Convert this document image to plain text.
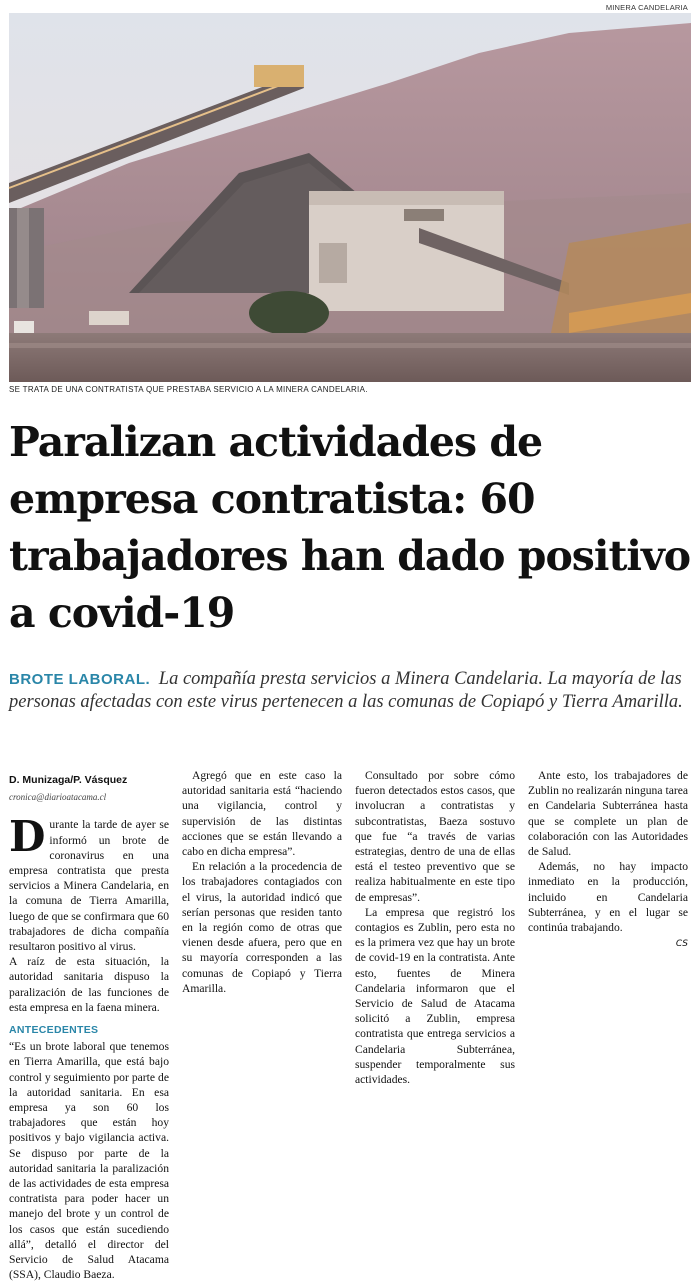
MINERA CANDELARIA
SE TRATA DE UNA CONTRATISTA QUE PRESTABA SERVICIO A LA MINERA CANDELARIA.
Paralizan actividades de empresa contratista: 60 trabajadores han dado positivo a covid-19
BROTE LABORAL. La compañía presta servicios a Minera Candelaria. La mayoría de las personas afectadas con este virus pertenecen a las comunas de Copiapó y Tierra Amarilla.
D. Munizaga/P. Vásquez
cronica@diarioatacama.cl

Durante la tarde de ayer se informó un brote de coronavirus en una empresa contratista que presta servicios a Minera Candelaria, en la comuna de Tierra Amarilla, luego de que se confirmara que 60 trabajadores de dicha compañía resultaron positivo al virus.

A raíz de esta situación, la autoridad sanitaria dispuso la paralización de las funciones de esta empresa en la faena minera.

ANTECEDENTES

“Es un brote laboral que tenemos en Tierra Amarilla, que está bajo control y seguimiento por parte de la autoridad sanitaria. En esa empresa ya son 60 los trabajadores que están hoy positivos y bajo vigilancia activa. Se dispuso por parte de la autoridad sanitaria la paralización de las actividades de esta empresa contratista para poder hacer un manejo del brote y un control de los casos que están sucediendo allá”, detalló el director del Servicio de Salud Atacama (SSA), Claudio Baeza.

Agregó que en este caso la autoridad sanitaria está “haciendo una vigilancia, control y supervisión de las distintas acciones que se están llevando a cabo en dicha empresa”.

En relación a la procedencia de los trabajadores contagiados con el virus, la autoridad indicó que serían personas que residen tanto en la región como de otras que vienen desde afuera, pero que en su mayoría corresponden a las comunas de Copiapó y Tierra Amarilla.

Consultado por sobre cómo fueron detectados estos casos, que involucran a contratistas y subcontratistas, Baeza sostuvo que fue “a través de varias estrategias, dentro de una de ellas está el testeo preventivo que se realiza habitualmente en este tipo de empresas”.

La empresa que registró los contagios es Zublin, pero esta no es la primera vez que hay un brote de covid-19 en la contratista. Ante esto, fuentes de Minera Candelaria informaron que el Servicio de Salud de Atacama solicitó a Zublin, empresa contratista que entrega servicios a Candelaria Subterránea, suspender temporalmente sus actividades.

Ante esto, los trabajadores de Zublin no realizarán ninguna tarea en Candelaria Subterránea hasta que se complete un plan de colaboración con las Autoridades de Salud.

Además, no hay impacto inmediato en la producción, incluido en Candelaria Subterránea, y en el lugar se continúa trabajando.

CS
